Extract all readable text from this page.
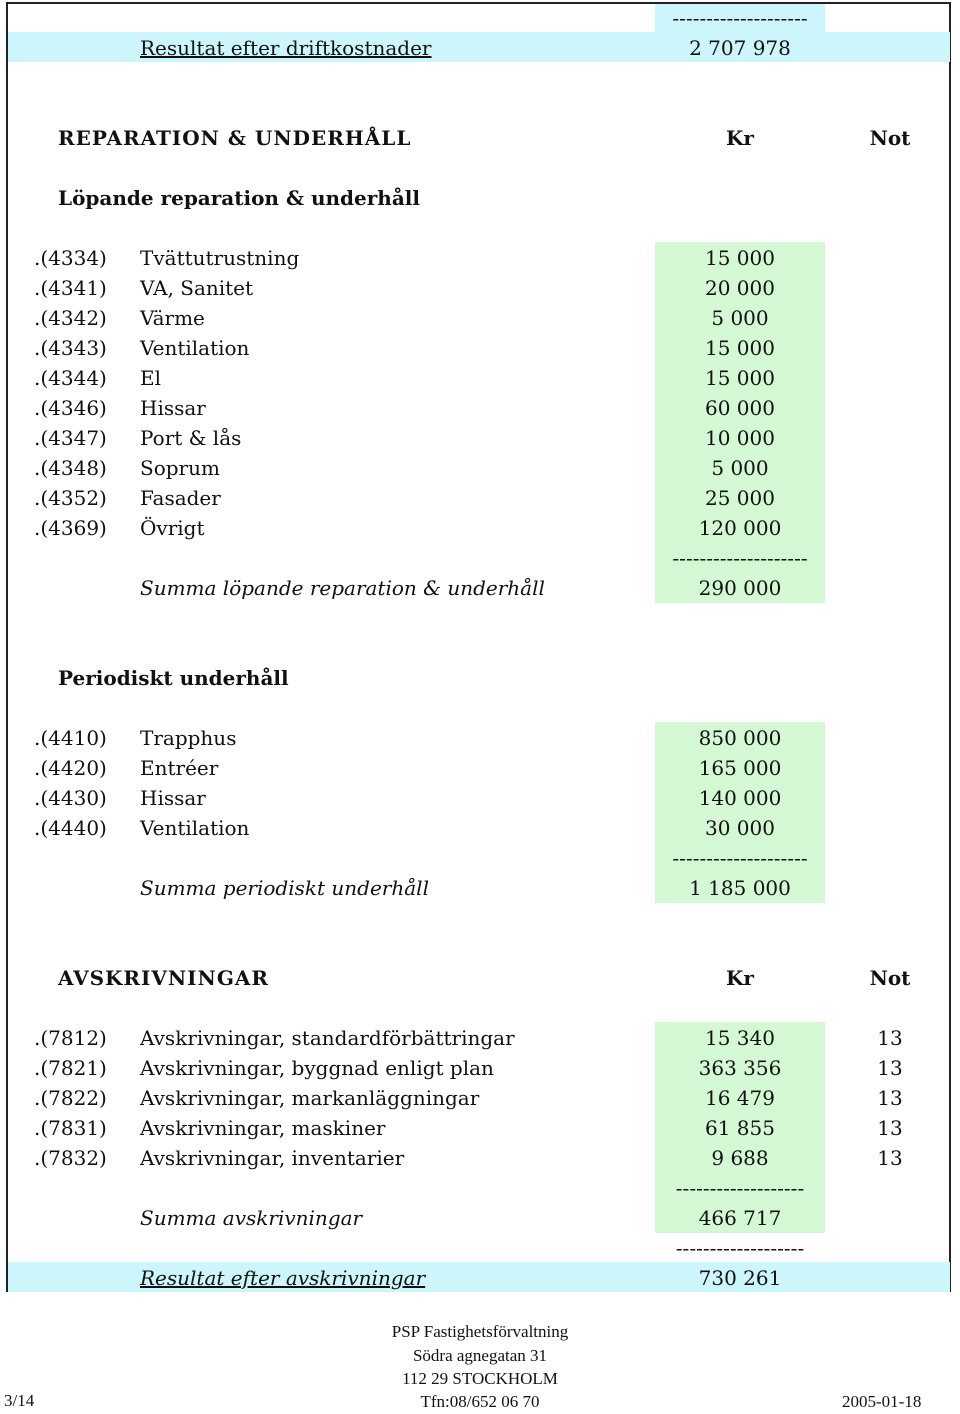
--------------------
Resultat efter driftkostnader	2 707 978
REPARATION & UNDERHÅLL	Kr	Not
Löpande reparation & underhåll
.(4334) Tvättutrustning	15 000
.(4341) VA, Sanitet	20 000
.(4342) Värme	5 000
.(4343) Ventilation	15 000
.(4344) El	15 000
.(4346) Hissar	60 000
.(4347) Port & lås	10 000
.(4348) Soprum	5 000
.(4352) Fasader	25 000
.(4369) Övrigt	120 000
--------------------
Summa löpande reparation & underhåll	290 000
Periodiskt underhåll
.(4410) Trapphus	850 000
.(4420) Entréer	165 000
.(4430) Hissar	140 000
.(4440) Ventilation	30 000
--------------------
Summa periodiskt underhåll	1 185 000
AVSKRIVNINGAR	Kr	Not
.(7812) Avskrivningar, standardförbättringar	15 340	13
.(7821) Avskrivningar, byggnad enligt plan	363 356	13
.(7822) Avskrivningar, markanläggningar	16 479	13
.(7831) Avskrivningar, maskiner	61 855	13
.(7832) Avskrivningar, inventarier	9 688	13
-------------------
Summa avskrivningar	466 717
-------------------
Resultat efter avskrivningar	730 261
PSP Fastighetsförvaltning
Södra agnegatan 31
112 29 STOCKHOLM
Tfn:08/652 06 70
3/14	2005-01-18
